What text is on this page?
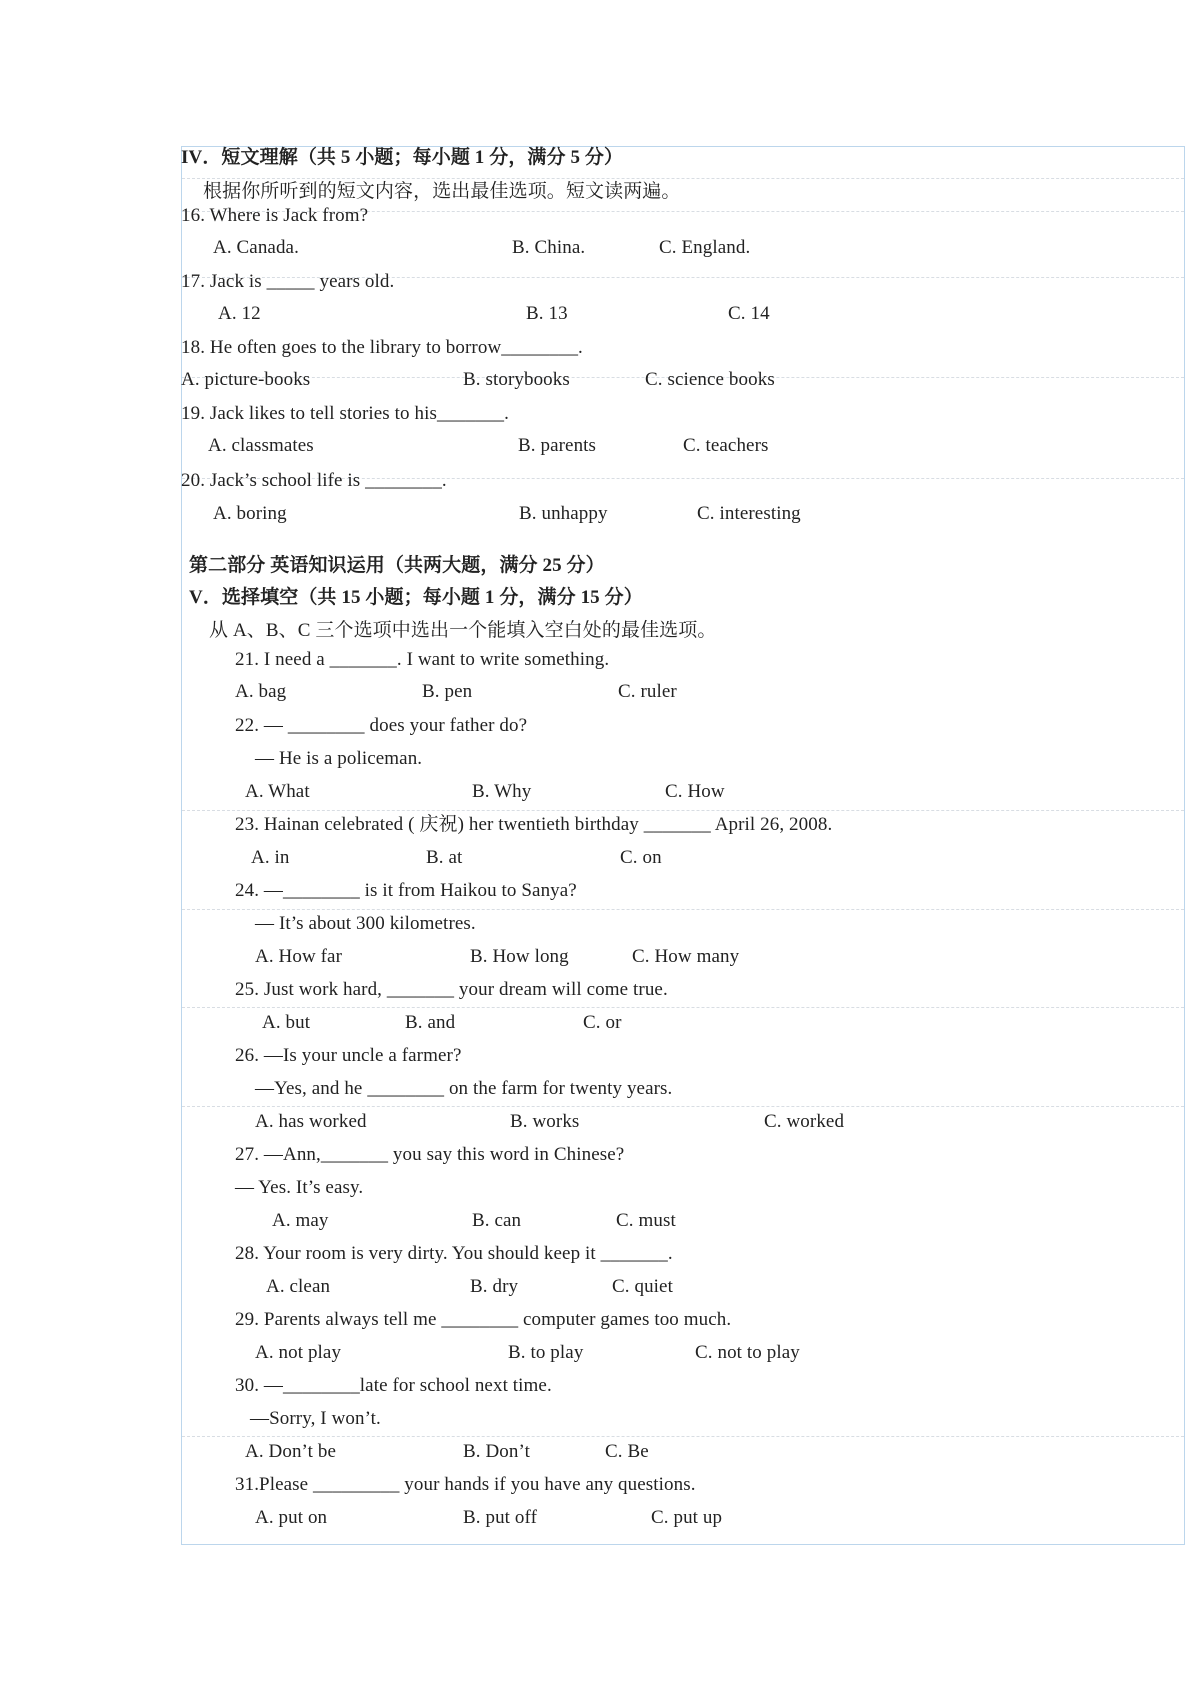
IV．短文理解（共 5 小题；每小题 1 分，满分 5 分）
根据你所听到的短文内容，选出最佳选项。短文读两遍。
16. Where is Jack from?
A. Canada.	B. China.	C. England.
17. Jack is _____ years old.
A. 12	B. 13	C. 14
18. He often goes to the library to borrow________.
A. picture-books	B. storybooks	C. science books
19. Jack likes to tell stories to his_______.
A. classmates	B. parents	C. teachers
20. Jack’s school life is ________.
A. boring	B. unhappy	C. interesting
第二部分 英语知识运用（共两大题，满分 25 分）
V．选择填空（共 15 小题；每小题 1 分，满分 15 分）
从 A、B、C 三个选项中选出一个能填入空白处的最佳选项。
21. I need a _______. I want to write something.
A. bag	B. pen	C. ruler
22. — ________ does your father do?
— He is a policeman.
A. What	B. Why	C. How
23. Hainan celebrated ( 庆祝) her twentieth birthday _______ April 26, 2008.
A. in	B. at	C. on
24. —________ is it from Haikou to Sanya?
— It’s about 300 kilometres.
A. How far	B. How long	C. How many
25. Just work hard, _______ your dream will come true.
A. but	B. and	C. or
26. —Is your uncle a farmer?
—Yes, and he ________ on the farm for twenty years.
A. has worked	B. works	C. worked
27. —Ann,_______ you say this word in Chinese?
— Yes. It’s easy.
A. may	B. can	C. must
28. Your room is very dirty. You should keep it _______.
A. clean	B. dry	C. quiet
29. Parents always tell me ________ computer games too much.
A. not play	B. to play	C. not to play
30. —________late for school next time.
—Sorry, I won’t.
A. Don’t be	B. Don’t	C. Be
31.Please _________ your hands if you have any questions.
A. put on	B. put off	C. put up
